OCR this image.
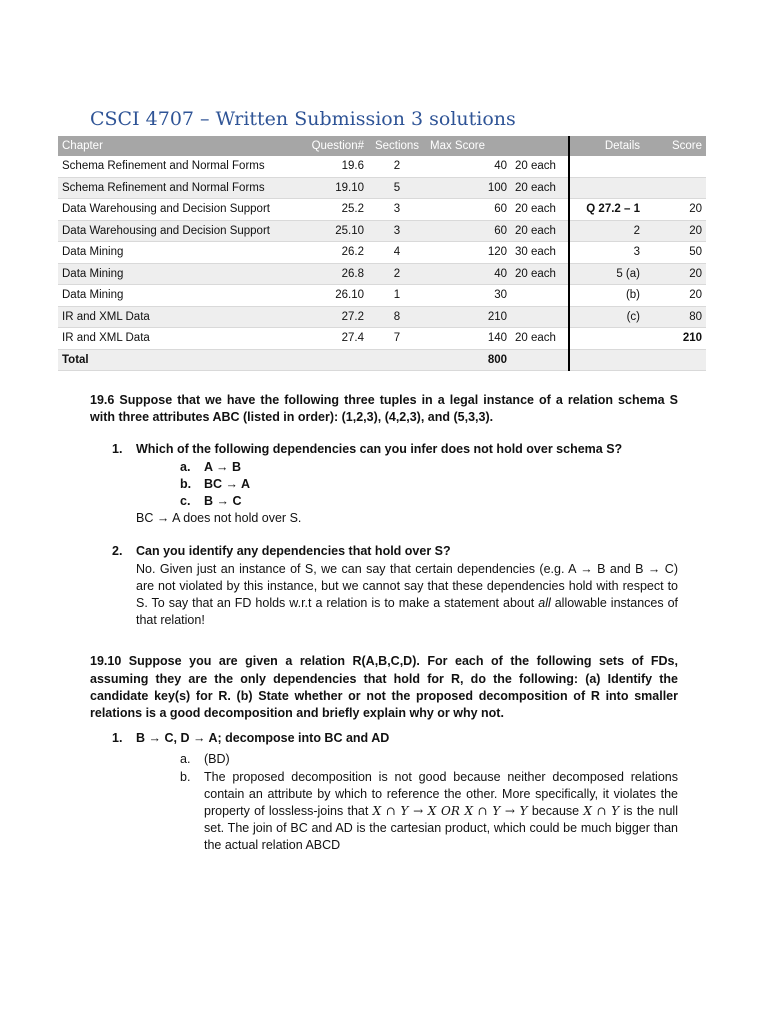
CSCI 4707 – Written Submission 3 solutions
Chapter	Question#	Sections	Max Score		Details	Score
Schema Refinement and Normal Forms	19.6	2	40	20 each		
Schema Refinement and Normal Forms	19.10	5	100	20 each		
Data Warehousing and Decision Support	25.2	3	60	20 each	Q 27.2 – 1	20
Data Warehousing and Decision Support	25.10	3	60	20 each	2	20
Data Mining	26.2	4	120	30 each	3	50
Data Mining	26.8	2	40	20 each	5 (a)	20
Data Mining	26.10	1	30		(b)	20
IR and XML Data	27.2	8	210		(c)	80
IR and XML Data	27.4	7	140	20 each		210
Total			800			

19.6 Suppose that we have the following three tuples in a legal instance of a relation schema S with three attributes ABC (listed in order): (1,2,3), (4,2,3), and (5,3,3).

1.	Which of the following dependencies can you infer does not hold over schema S?
a.	A → B
b.	BC → A
c.	B → C
BC → A does not hold over S.
2.	Can you identify any dependencies that hold over S?
No. Given just an instance of S, we can say that certain dependencies (e.g. A → B and B → C) are not violated by this instance, but we cannot say that these dependencies hold with respect to S. To say that an FD holds w.r.t a relation is to make a statement about all allowable instances of that relation!

19.10 Suppose you are given a relation R(A,B,C,D). For each of the following sets of FDs, assuming they are the only dependencies that hold for R, do the following: (a) Identify the candidate key(s) for R. (b) State whether or not the proposed decomposition of R into smaller relations is a good decomposition and briefly explain why or why not.

1.	B → C, D → A; decompose into BC and AD
a.	(BD)
b.	The proposed decomposition is not good because neither decomposed relations contain an attribute by which to reference the other. More specifically, it violates the property of lossless-joins that X ∩ Y → X OR X ∩ Y → Y because X ∩ Y is the null set. The join of BC and AD is the cartesian product, which could be much bigger than the actual relation ABCD
